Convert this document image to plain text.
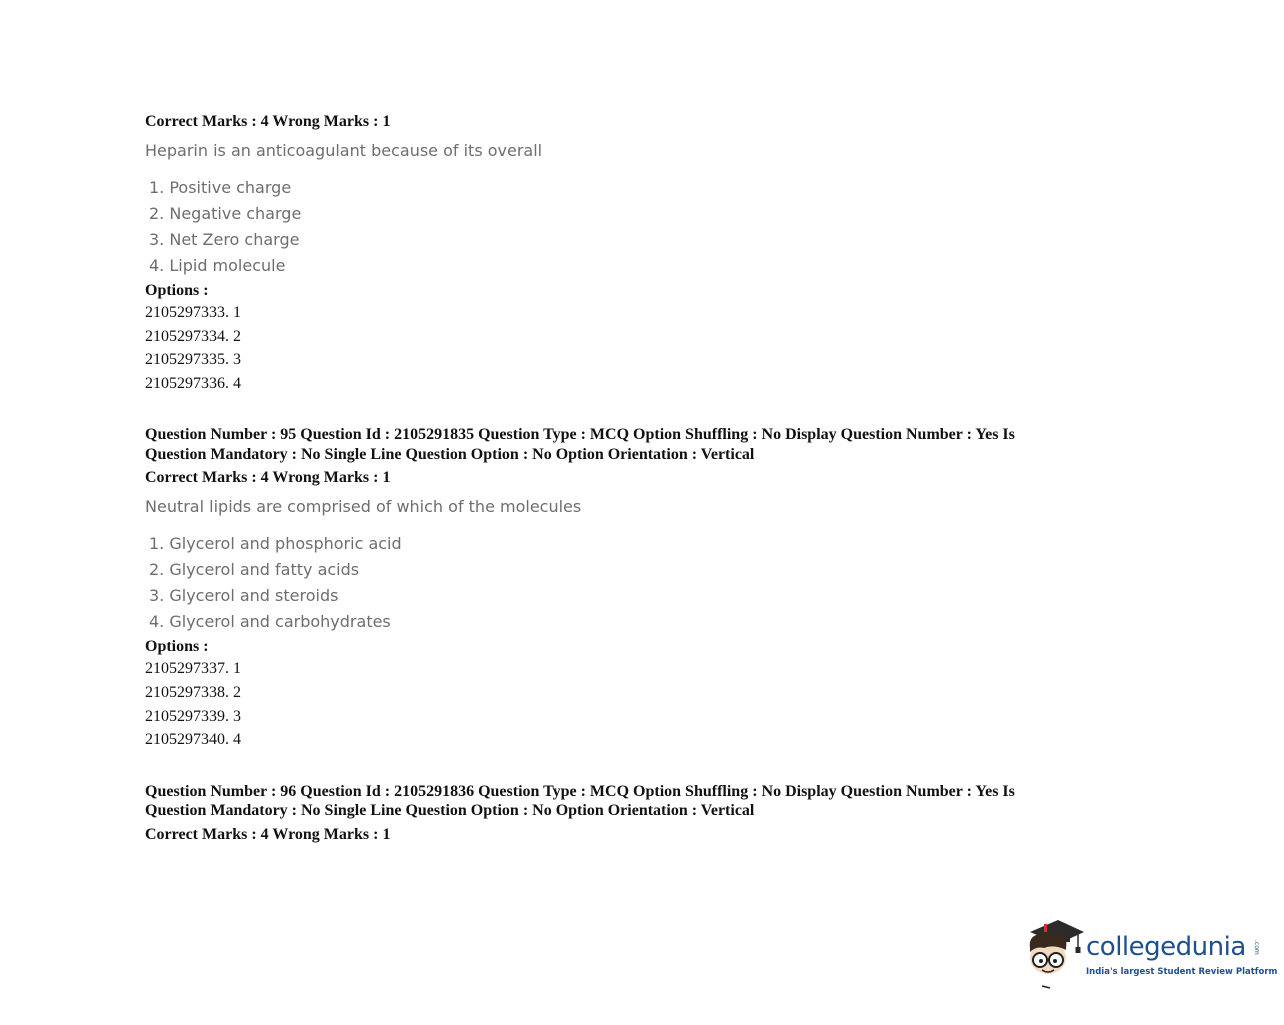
Correct Marks : 4 Wrong Marks : 1
Heparin is an anticoagulant because of its overall
1. Positive charge
2. Negative charge
3. Net Zero charge
4. Lipid molecule
Options :
2105297333. 1
2105297334. 2
2105297335. 3
2105297336. 4
Question Number : 95 Question Id : 2105291835 Question Type : MCQ Option Shuffling : No Display Question Number : Yes Is
Question Mandatory : No Single Line Question Option : No Option Orientation : Vertical
Correct Marks : 4 Wrong Marks : 1
Neutral lipids are comprised of which of the molecules
1. Glycerol and phosphoric acid
2. Glycerol and fatty acids
3. Glycerol and steroids
4. Glycerol and carbohydrates
Options :
2105297337. 1
2105297338. 2
2105297339. 3
2105297340. 4
Question Number : 96 Question Id : 2105291836 Question Type : MCQ Option Shuffling : No Display Question Number : Yes Is
Question Mandatory : No Single Line Question Option : No Option Orientation : Vertical
Correct Marks : 4 Wrong Marks : 1
collegedunia .com
India's largest Student Review Platform
